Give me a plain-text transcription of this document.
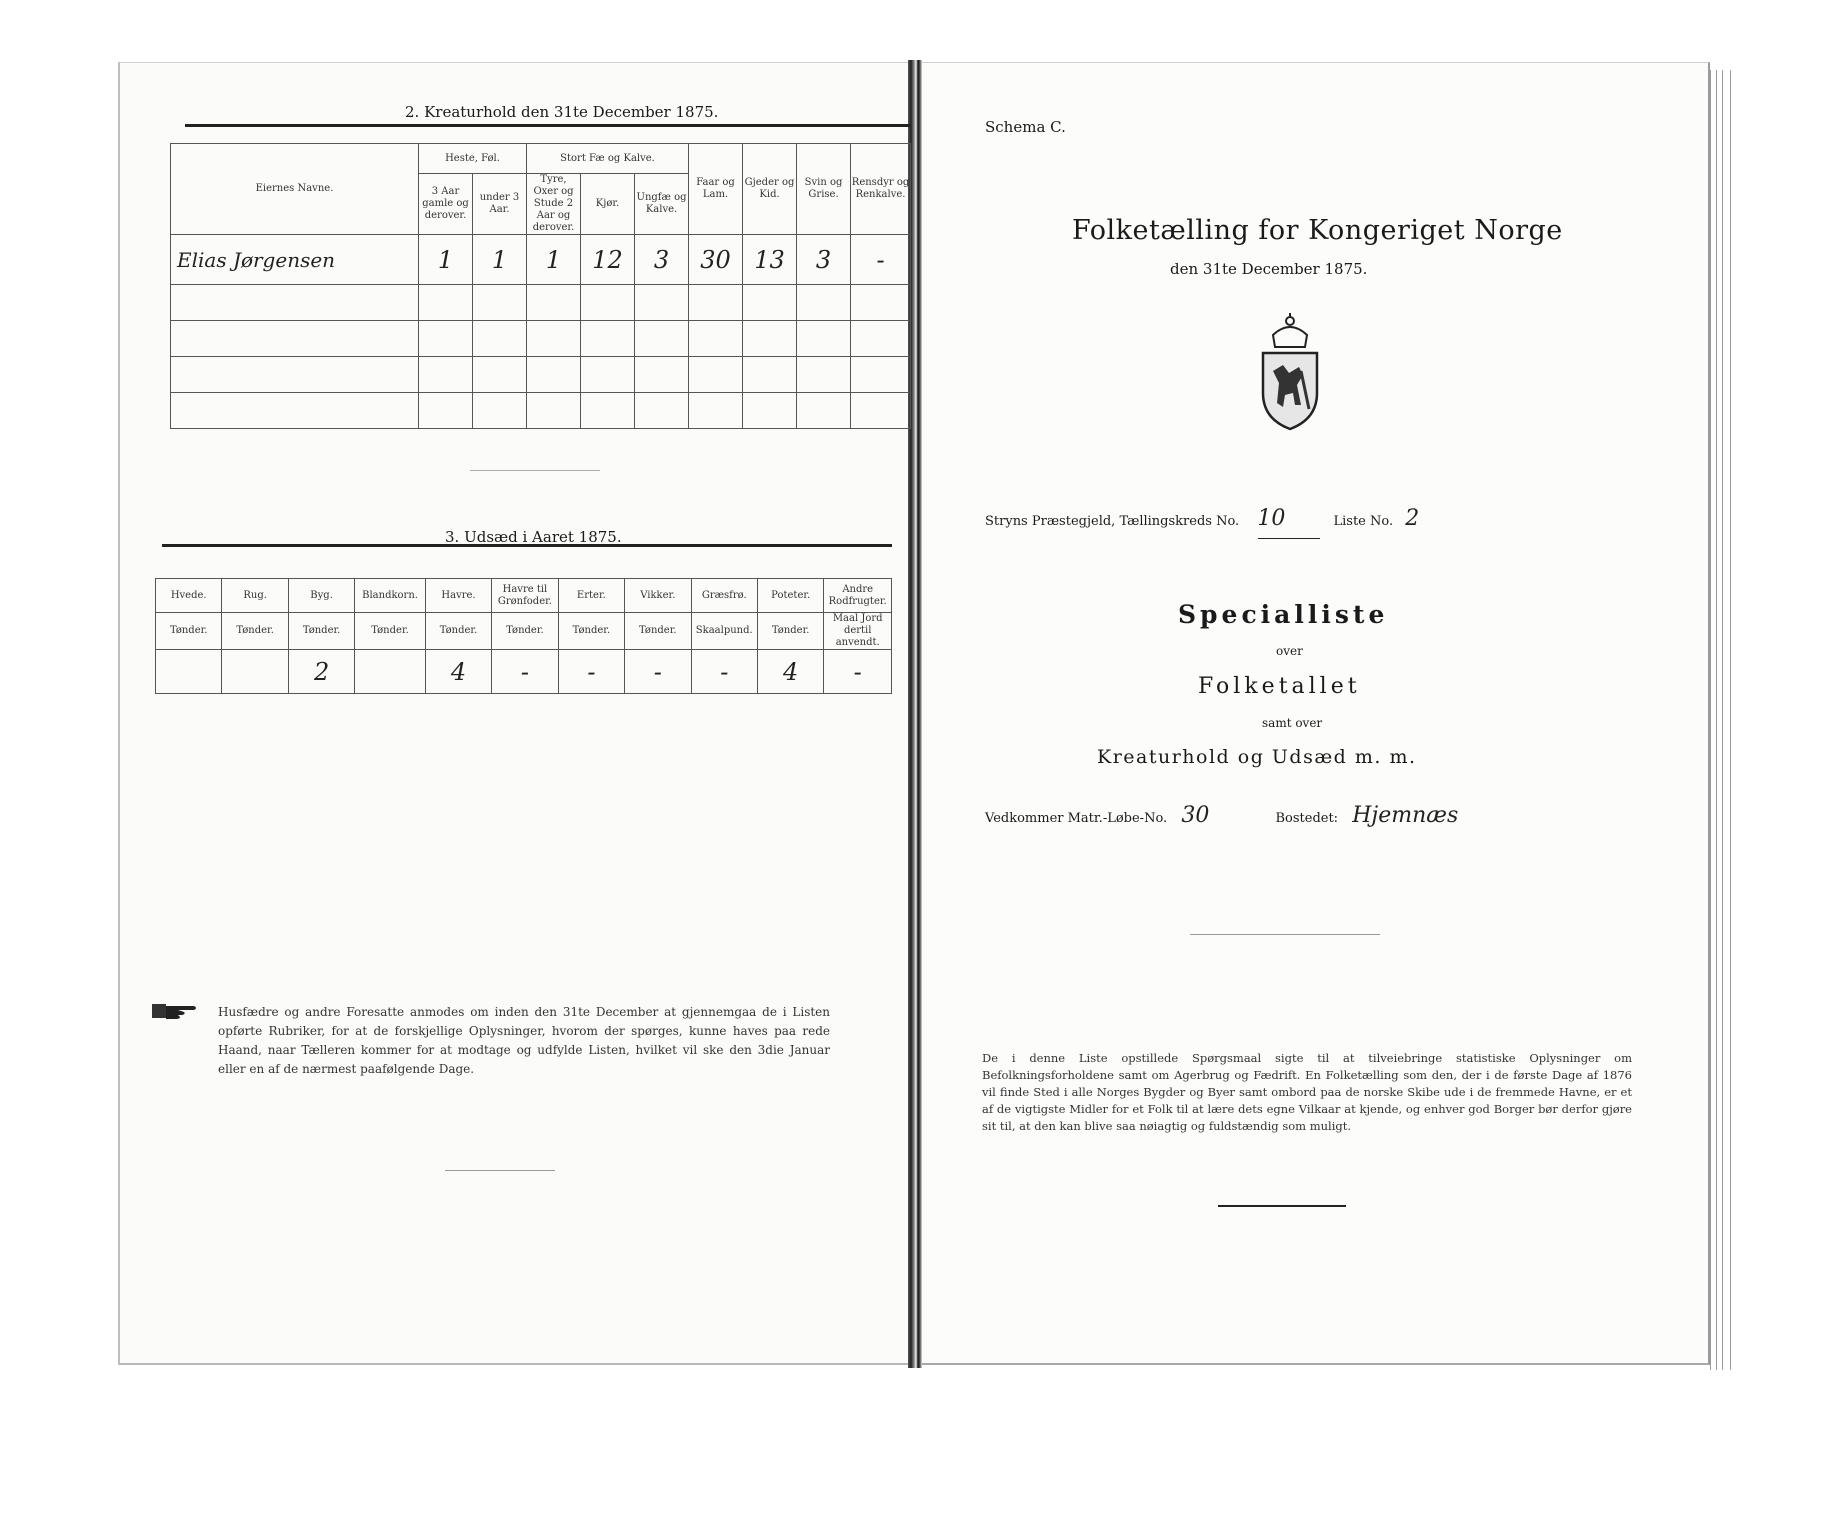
2. Kreaturhold den 31te December 1875.
Eiernes Navne.	Heste, Føl.		Stort Fæ og Kalve.			Faar og Lam.	Gjeder og Kid.	Svin og Grise.	Rensdyr og Renkalve.
	3 Aar gamle og derover.	under 3 Aar.	Tyre, Oxer og Stude 2 Aar og derover.	Kjør.	Ungfæ og Kalve.				
Elias Jørgensen	1	1	1	12	3	30	13	3	-

3. Udsæd i Aaret 1875.
Hvede.	Rug.	Byg.	Blandkorn.	Havre.	Havre til Grønfoder.	Erter.	Vikker.	Græsfrø.	Poteter.	Andre Rodfrugter.
Tønder.	Tønder.	Tønder.	Tønder.	Tønder.	Tønder.	Tønder.	Tønder.	Skaalpund.	Tønder.	Maal Jord dertil anvendt.
		2		4	-	-	-	-	4	-
Husfædre og andre Foresatte anmodes om inden den 31te December at gjennemgaa de i Listen opførte Rubriker, for at de forskjellige Oplysninger, hvorom der spørges, kunne haves paa rede Haand, naar Tælleren kommer for at modtage og udfylde Listen, hvilket vil ske den 3die Januar eller en af de nærmest paafølgende Dage.
Schema C.
Folketælling for Kongeriget Norge
den 31te December 1875.
Stryns Præstegjeld, Tællingskreds No. 10	Liste No. 2
Specialliste
over
Folketallet
samt over
Kreaturhold og Udsæd m. m.
Vedkommer Matr.-Løbe-No. 30	Bostedet: Hjemnæs
De i denne Liste opstillede Spørgsmaal sigte til at tilveiebringe statistiske Oplysninger om Befolkningsforholdene samt om Agerbrug og Fædrift. En Folketælling som den, der i de første Dage af 1876 vil finde Sted i alle Norges Bygder og Byer samt ombord paa de norske Skibe ude i de fremmede Havne, er et af de vigtigste Midler for et Folk til at lære dets egne Vilkaar at kjende, og enhver god Borger bør derfor gjøre sit til, at den kan blive saa nøiagtig og fuldstændig som muligt.
